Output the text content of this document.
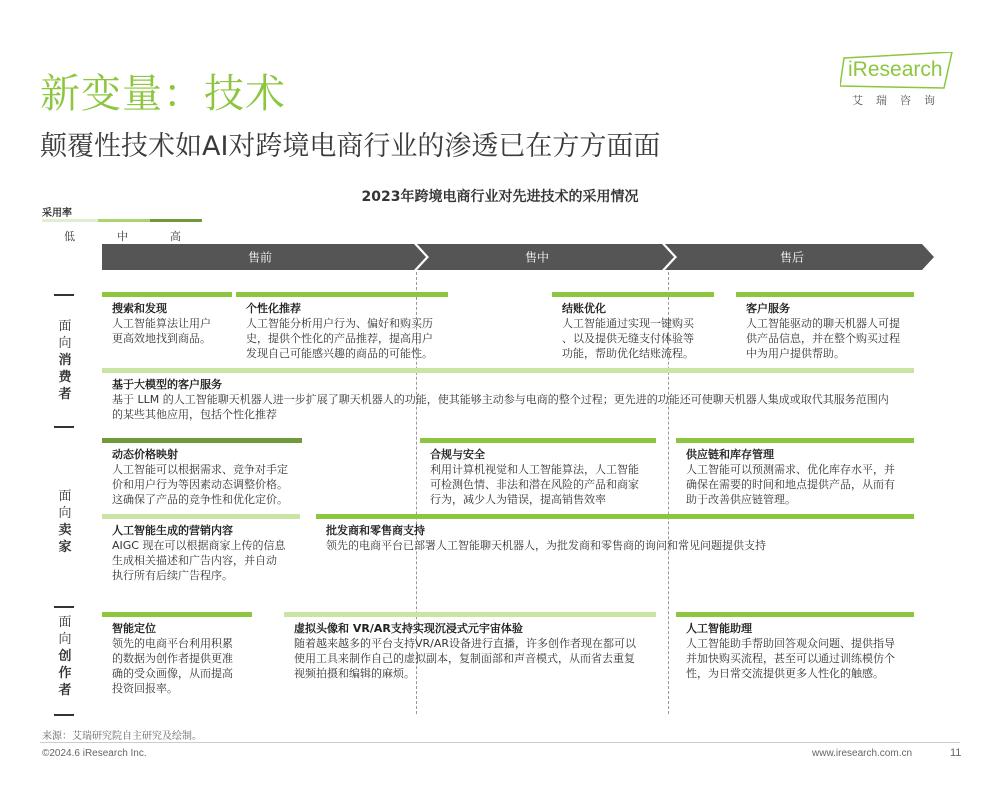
新变量：技术
颠覆性技术如AI对跨境电商行业的渗透已在方方面面
iResearch
艾瑞咨询
2023年跨境电商行业对先进技术的采用情况
采用率
低	中	高
售前	售中	售后
面
向
消
费
者
面
向
卖
家
面
向
创
作
者
搜索和发现
人工智能算法让用户
更高效地找到商品。
个性化推荐
人工智能分析用户行为、偏好和购买历
史，提供个性化的产品推荐，提高用户
发现自己可能感兴趣的商品的可能性。
结账优化
人工智能通过实现一键购买
、以及提供无缝支付体验等
功能，帮助优化结账流程。
客户服务
人工智能驱动的聊天机器人可提
供产品信息，并在整个购买过程
中为用户提供帮助。
基于大模型的客户服务
基于 LLM 的人工智能聊天机器人进一步扩展了聊天机器人的功能，使其能够主动参与电商的整个过程；更先进的功能还可使聊天机器人集成或取代其服务范围内
的某些其他应用，包括个性化推荐
动态价格映射
人工智能可以根据需求、竞争对手定
价和用户行为等因素动态调整价格。
这确保了产品的竞争性和优化定价。
合规与安全
利用计算机视觉和人工智能算法，人工智能
可检测色情、非法和潜在风险的产品和商家
行为，减少人为错误，提高销售效率
供应链和库存管理
人工智能可以预测需求、优化库存水平，并
确保在需要的时间和地点提供产品，从而有
助于改善供应链管理。
人工智能生成的营销内容
AIGC 现在可以根据商家上传的信息
生成相关描述和广告内容，并自动
执行所有后续广告程序。
批发商和零售商支持
领先的电商平台已部署人工智能聊天机器人，为批发商和零售商的询问和常见问题提供支持
智能定位
领先的电商平台利用积累
的数据为创作者提供更准
确的受众画像，从而提高
投资回报率。
虚拟头像和 VR/AR支持实现沉浸式元宇宙体验
随着越来越多的平台支持VR/AR设备进行直播，许多创作者现在都可以
使用工具来制作自己的虚拟副本，复制面部和声音模式，从而省去重复
视频拍摄和编辑的麻烦。
人工智能助理
人工智能助手帮助回答观众问题、提供指导
并加快购买流程，甚至可以通过训练模仿个
性，为日常交流提供更多人性化的触感。
来源：艾瑞研究院自主研究及绘制。
©2024.6 iResearch Inc.	www.iresearch.com.cn	11
